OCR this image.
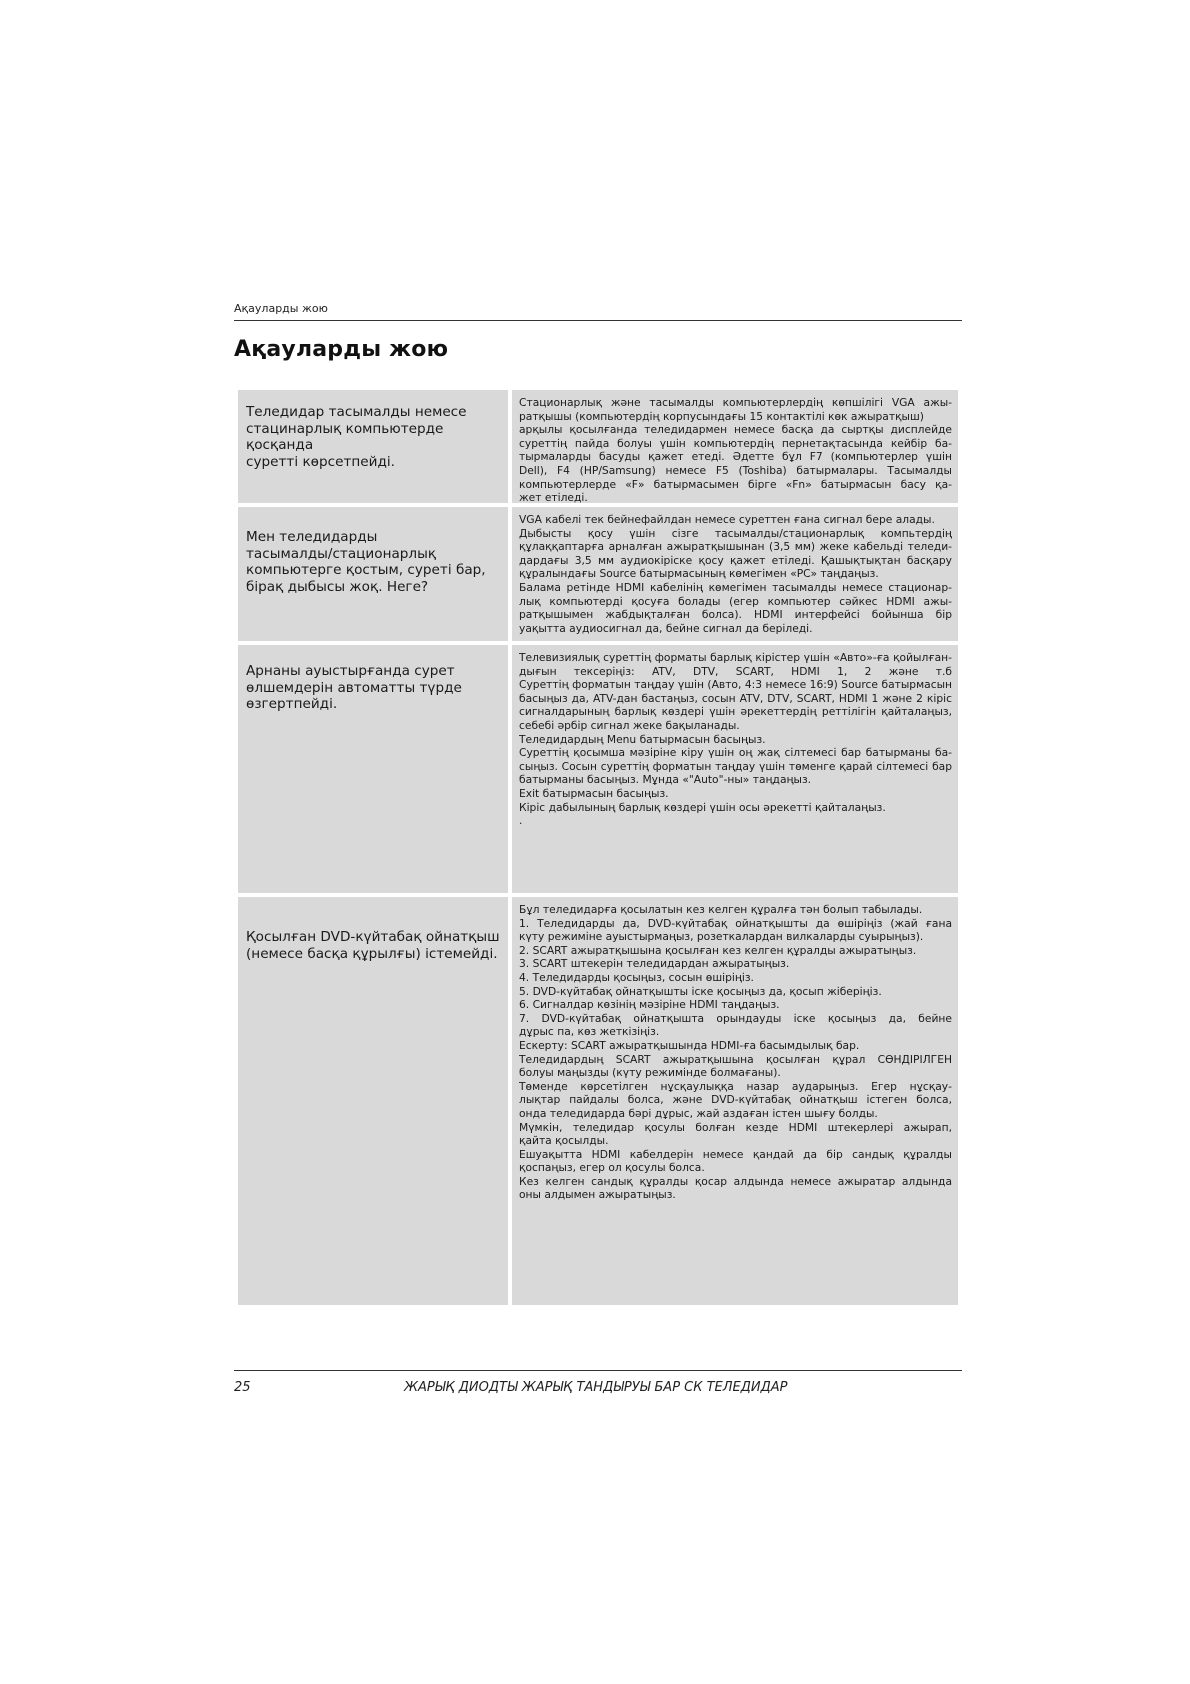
Ақауларды жою
Ақауларды жою
Теледидар тасымалды немесе
стацинарлық компьютерде қосқанда
суретті көрсетпейді.
Стационарлық және тасымалды компьютерлердің көпшілігі VGA ажы-
ратқышы (компьютердің корпусындағы 15 контактілі көк ажыратқыш)
арқылы қосылғанда теледидармен немесе басқа да сыртқы дисплейде
суреттің пайда болуы үшін компьютердің пернетақтасында кейбір ба-
тырмаларды басуды қажет етеді. Әдетте бұл F7 (компьютерлер үшін
Dell), F4 (HP/Samsung) немесе F5 (Toshiba) батырмалары. Тасымалды
компьютерлерде «F» батырмасымен бірге «Fn» батырмасын басу қа-
жет етіледі.
Мен теледидарды
тасымалды/стационарлық
компьютерге қостым, суреті бар,
бірақ дыбысы жоқ. Неге?
VGA кабелі тек бейнефайлдан немесе суреттен ғана сигнал бере алады.
Дыбысты қосу үшін сізге тасымалды/стационарлық компьтердің
құлаққаптарға арналған ажыратқышынан (3,5 мм) жеке кабельді теледи-
дардағы 3,5 мм аудиокіріске қосу қажет етіледі. Қашықтықтан басқару
құралындағы Source батырмасының көмегімен «PC» таңдаңыз.
Балама ретінде HDMI кабелінің көмегімен тасымалды немесе стационар-
лық компьютерді қосуға болады (егер компьютер сәйкес HDMI ажы-
ратқышымен жабдықталған болса). HDMI интерфейсі бойынша бір
уақытта аудиосигнал да, бейне сигнал да беріледі.
Арнаны ауыстырғанда сурет
өлшемдерін автоматты түрде
өзгертпейді.
Телевизиялық суреттің форматы барлық кірістер үшін «Авто»-ға қойылған-
дығын тексеріңіз: ATV, DTV, SCART, HDMI 1, 2 және т.б
Суреттің форматын таңдау үшін (Авто, 4:3 немесе 16:9) Source батырмасын
басыңыз да, ATV-дан бастаңыз, сосын ATV, DTV, SCART, HDMI 1 және 2 кіріс
сигналдарының барлық көздері үшін әрекеттердің реттілігін қайталаңыз,
себебі әрбір сигнал жеке бақыланады.
Теледидардың Menu батырмасын басыңыз.
Суреттің қосымша мәзіріне кіру үшін оң жақ сілтемесі бар батырманы ба-
сыңыз. Сосын суреттің форматын таңдау үшін төменге қарай сілтемесі бар
батырманы басыңыз. Мұнда «"Auto"-ны» таңдаңыз.
Exit батырмасын басыңыз.
Кіріс дабылының барлық көздері үшін осы әрекетті қайталаңыз.
.
Қосылған DVD-күйтабақ ойнатқыш
(немесе басқа құрылғы) істемейді.
Бұл теледидарға қосылатын кез келген құралға тән болып табылады.
1. Теледидарды да, DVD-күйтабақ ойнатқышты да өшіріңіз (жай ғана
күту режиміне ауыстырмаңыз, розеткалардан вилкаларды суырыңыз).
2. SCART ажыратқышына қосылған кез келген құралды ажыратыңыз.
3. SCART штекерін теледидардан ажыратыңыз.
4. Теледидарды қосыңыз, сосын өшіріңіз.
5. DVD-күйтабақ ойнатқышты іске қосыңыз да, қосып жіберіңіз.
6. Сигналдар көзінің мәзіріне HDMI таңдаңыз.
7. DVD-күйтабақ ойнатқышта орындауды іске қосыңыз да, бейне
дұрыс па, көз жеткізіңіз.
Ескерту: SCART ажыратқышында HDMI-ға басымдылық бар.
Теледидардың SCART ажыратқышына қосылған құрал СӨНДІРІЛГЕН
болуы маңызды (күту режимінде болмағаны).
Төменде көрсетілген нұсқаулыққа назар аударыңыз. Егер нұсқау-
лықтар пайдалы болса, және DVD-күйтабақ ойнатқыш істеген болса,
онда теледидарда бәрі дұрыс, жай аздаған істен шығу болды.
Мүмкін, теледидар қосулы болған кезде HDMI штекерлері ажырап,
қайта қосылды.
Ешуақытта HDMI кабелдерін немесе қандай да бір сандық құралды
қоспаңыз, егер ол қосулы болса.
Кез келген сандық құралды қосар алдында немесе ажыратар алдында
оны алдымен ажыратыңыз.
25	ЖАРЫҚ ДИОДТЫ ЖАРЫҚ ТАНДЫРУЫ БАР СК ТЕЛЕДИДАР
